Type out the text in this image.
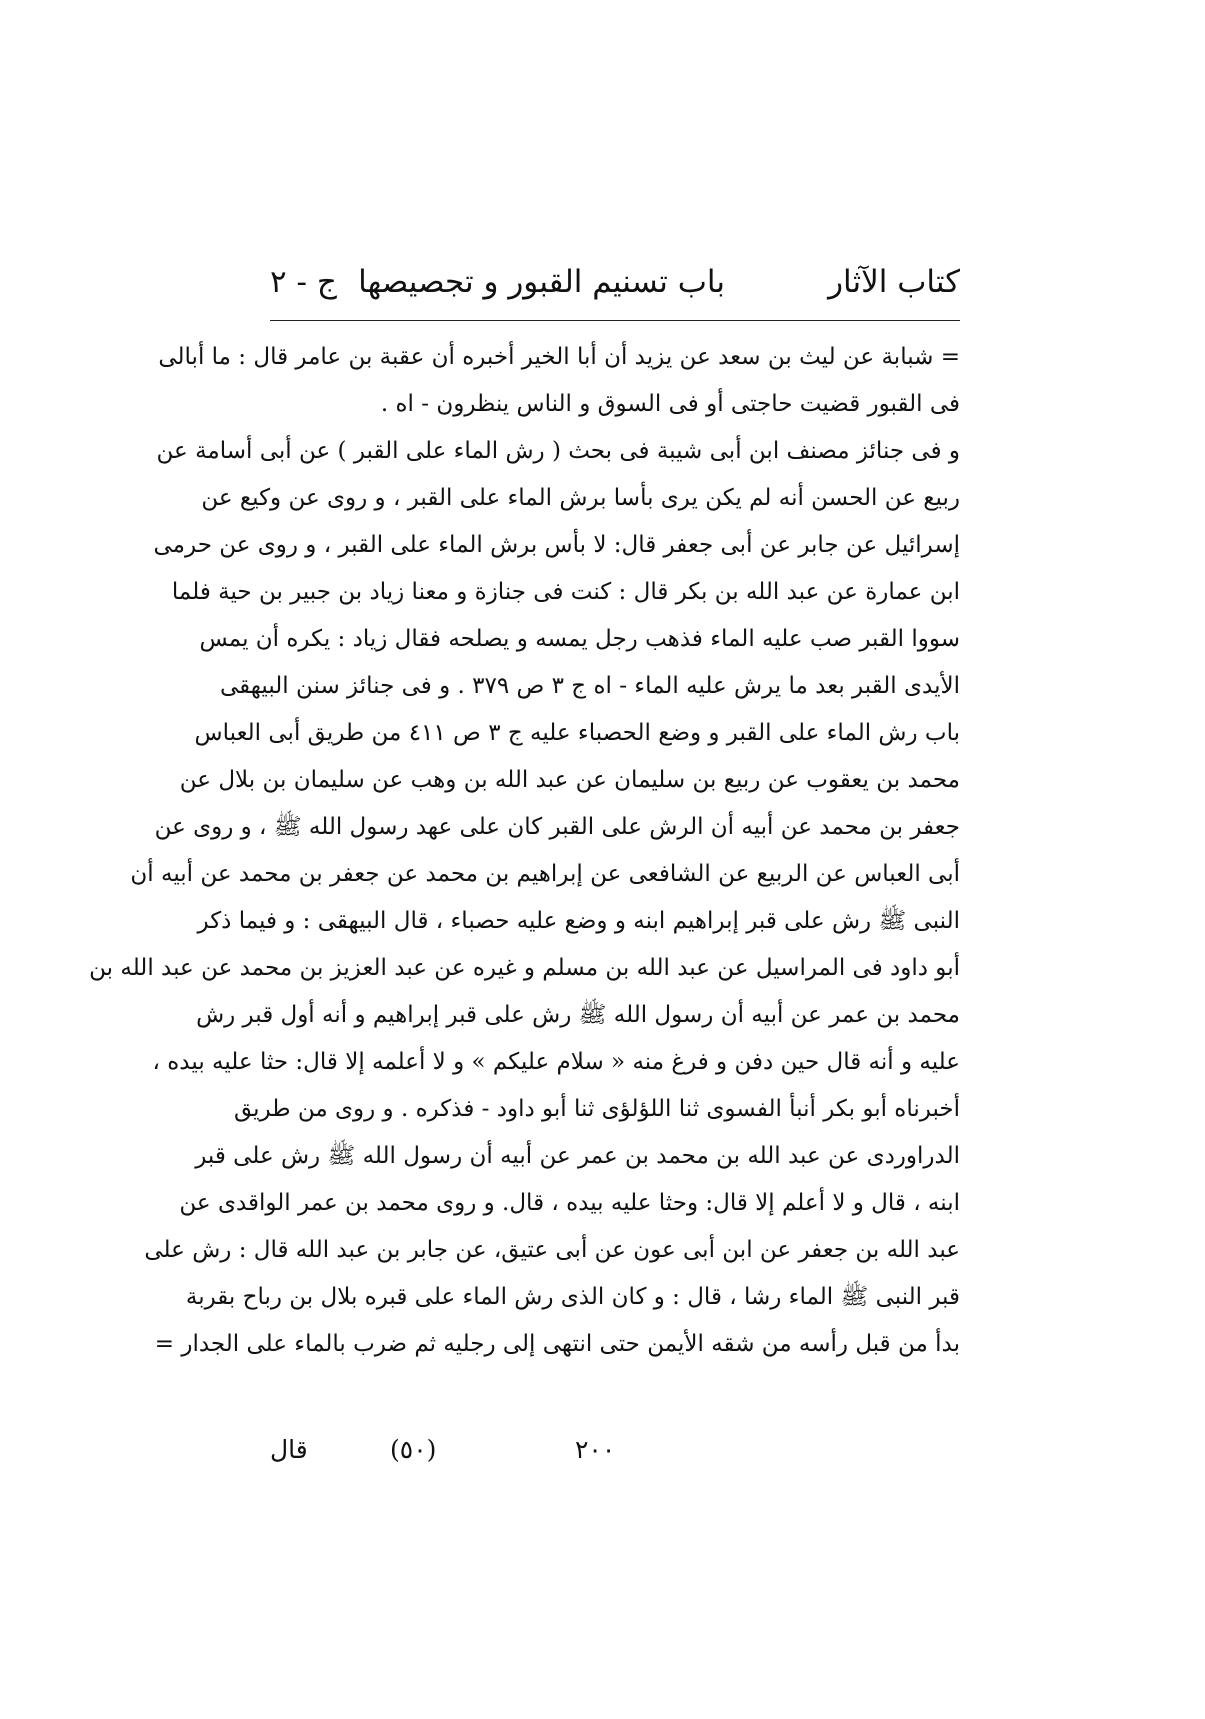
كتاب الآثار
باب تسنيم القبور و تجصيصها
ج - ٢
= شبابة عن ليث بن سعد عن يزيد أن أبا الخير أخبره أن عقبة بن عامر قال : ما أبالى
فى القبور قضيت حاجتى أو فى السوق و الناس ينظرون - اه .
و فى جنائز مصنف ابن أبى شيبة فى بحث ( رش الماء على القبر ) عن أبى أسامة عن
ربيع عن الحسن أنه لم يكن يرى بأسا برش الماء على القبر ، و روى عن وكيع عن
إسرائيل عن جابر عن أبى جعفر قال: لا بأس برش الماء على القبر ، و روى عن حرمى
ابن عمارة عن عبد الله بن بكر قال : كنت فى جنازة و معنا زياد بن جبير بن حية فلما
سووا القبر صب عليه الماء فذهب رجل يمسه و يصلحه فقال زياد : يكره أن يمس
الأيدى القبر بعد ما يرش عليه الماء - اه ج ٣ ص ٣٧٩ . و فى جنائز سنن البيهقى
باب رش الماء على القبر و وضع الحصباء عليه ج ٣ ص ٤١١ من طريق أبى العباس
محمد بن يعقوب عن ربيع بن سليمان عن عبد الله بن وهب عن سليمان بن بلال عن
جعفر بن محمد عن أبيه أن الرش على القبر كان على عهد رسول الله ﷺ ، و روى عن
أبى العباس عن الربيع عن الشافعى عن إبراهيم بن محمد عن جعفر بن محمد عن أبيه أن
النبى ﷺ رش على قبر إبراهيم ابنه و وضع عليه حصباء ، قال البيهقى : و فيما ذكر
أبو داود فى المراسيل عن عبد الله بن مسلم و غيره عن عبد العزيز بن محمد عن عبد الله بن
محمد بن عمر عن أبيه أن رسول الله ﷺ رش على قبر إبراهيم و أنه أول قبر رش
عليه و أنه قال حين دفن و فرغ منه « سلام عليكم » و لا أعلمه إلا قال: حثا عليه بيده ،
أخبرناه أبو بكر أنبأ الفسوى ثنا اللؤلؤى ثنا أبو داود - فذكره . و روى من طريق
الدراوردى عن عبد الله بن محمد بن عمر عن أبيه أن رسول الله ﷺ رش على قبر
ابنه ، قال و لا أعلم إلا قال: وحثا عليه بيده ، قال. و روى محمد بن عمر الواقدى عن
عبد الله بن جعفر عن ابن أبى عون عن أبى عتيق، عن جابر بن عبد الله قال : رش على
قبر النبى ﷺ الماء رشا ، قال : و كان الذى رش الماء على قبره بلال بن رباح بقربة
بدأ من قبل رأسه من شقه الأيمن حتى انتهى إلى رجليه ثم ضرب بالماء على الجدار =
٢٠٠
(٥٠)
قال
